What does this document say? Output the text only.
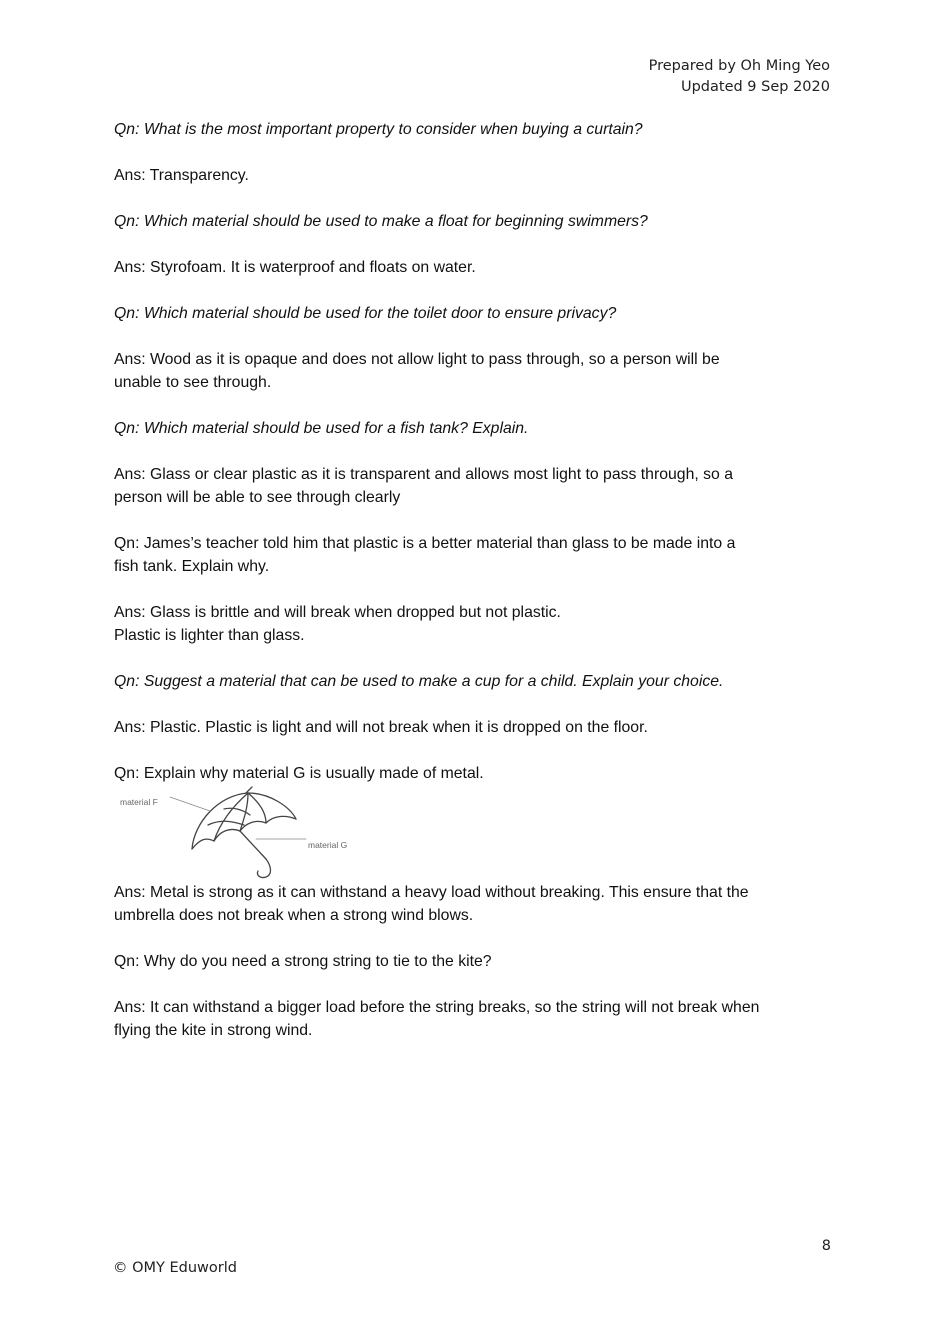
Prepared by Oh Ming Yeo
Updated 9 Sep 2020

Qn: What is the most important property to consider when buying a curtain?

Ans: Transparency.

Qn: Which material should be used to make a float for beginning swimmers?

Ans: Styrofoam. It is waterproof and floats on water.

Qn: Which material should be used for the toilet door to ensure privacy?

Ans: Wood as it is opaque and does not allow light to pass through, so a person will be
unable to see through.

Qn: Which material should be used for a fish tank? Explain.

Ans: Glass or clear plastic as it is transparent and allows most light to pass through, so a
person will be able to see through clearly

Qn: James’s teacher told him that plastic is a better material than glass to be made into a
fish tank. Explain why.

Ans: Glass is brittle and will break when dropped but not plastic.
Plastic is lighter than glass.

Qn: Suggest a material that can be used to make a cup for a child. Explain your choice.

Ans: Plastic. Plastic is light and will not break when it is dropped on the floor.

Qn: Explain why material G is usually made of metal.

material F
material G

Ans: Metal is strong as it can withstand a heavy load without breaking. This ensure that the
umbrella does not break when a strong wind blows.

Qn: Why do you need a strong string to tie to the kite?

Ans: It can withstand a bigger load before the string breaks, so the string will not break when
flying the kite in strong wind.

8
© OMY Eduworld
